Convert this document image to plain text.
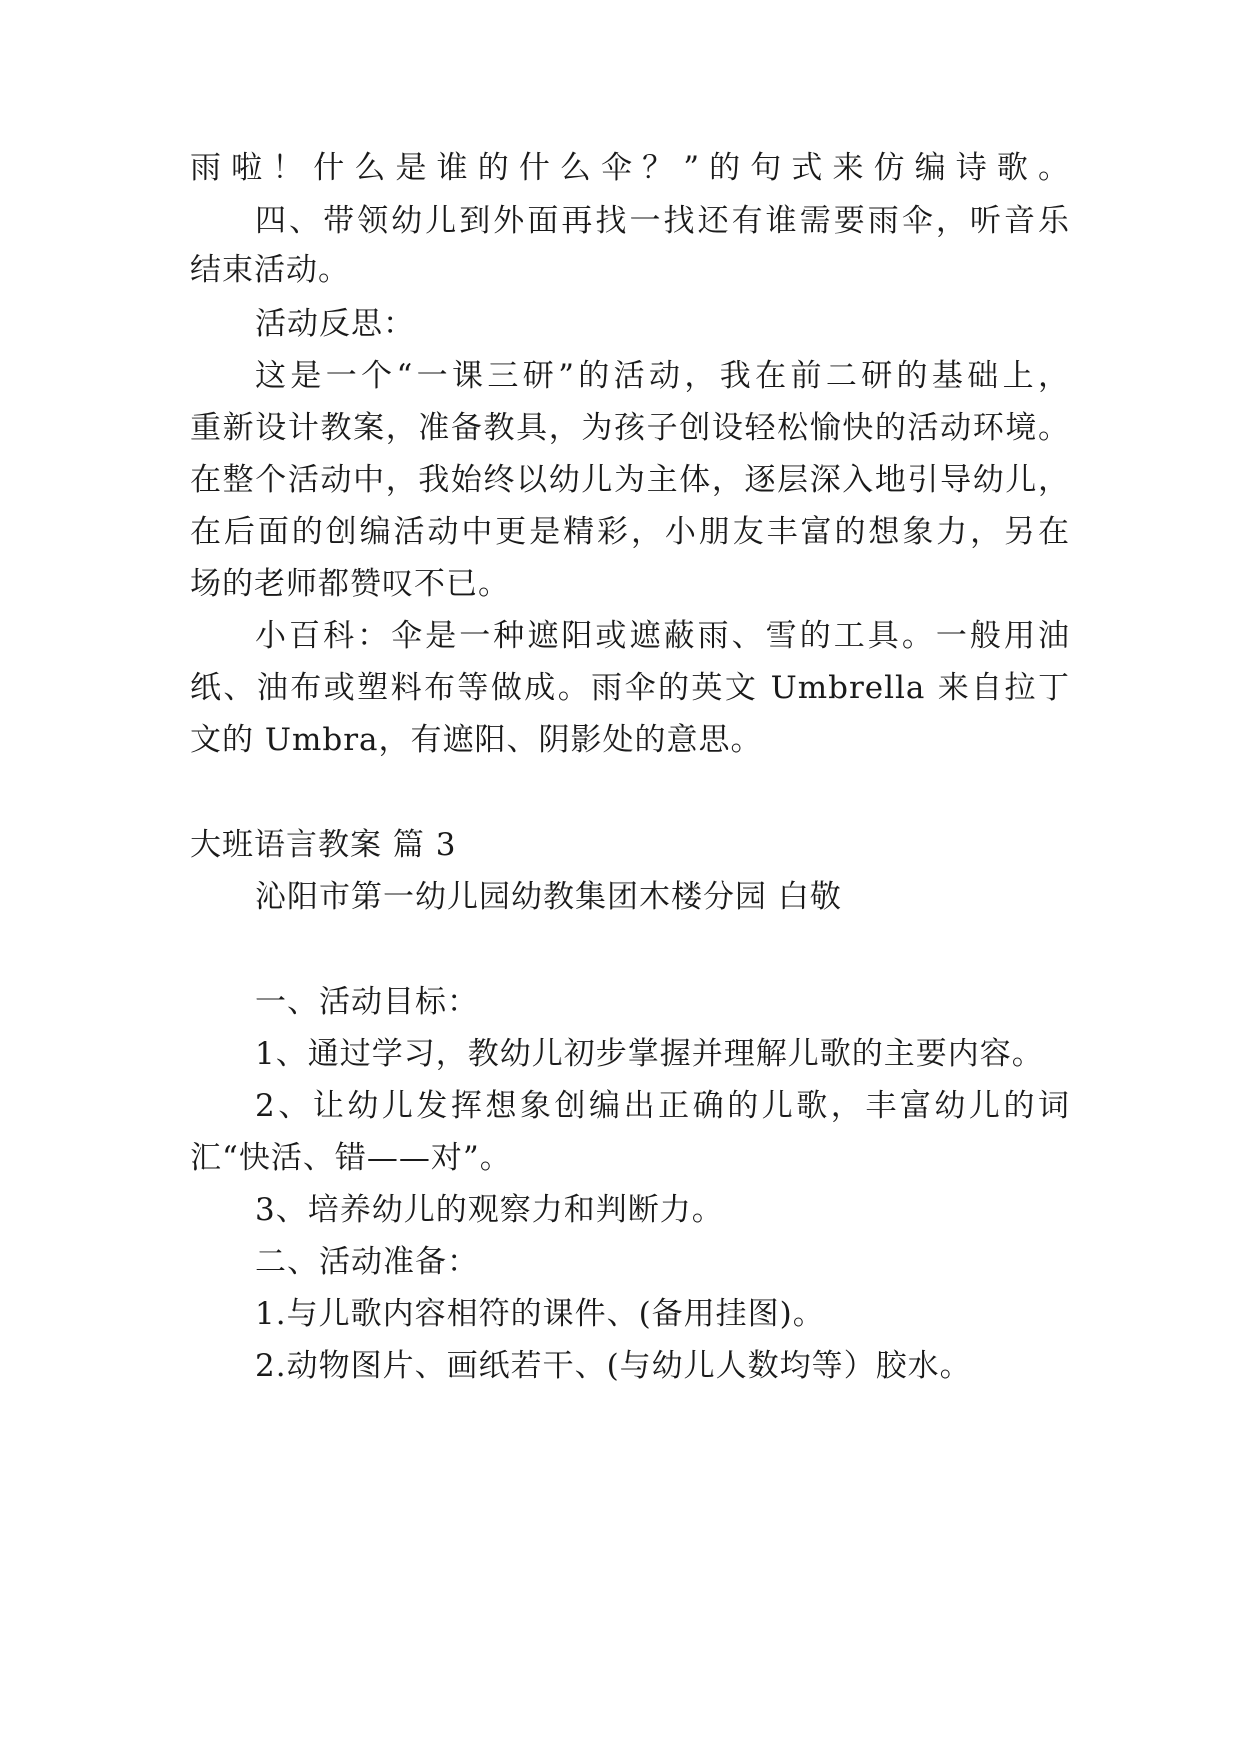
雨啦！什么是谁的什么伞？”的句式来仿编诗歌。
四、带领幼儿到外面再找一找还有谁需要雨伞，听音乐
结束活动。
活动反思：
这是一个“一课三研”的活动，我在前二研的基础上，
重新设计教案，准备教具，为孩子创设轻松愉快的活动环境。
在整个活动中，我始终以幼儿为主体，逐层深入地引导幼儿，
在后面的创编活动中更是精彩，小朋友丰富的想象力，另在
场的老师都赞叹不已。
小百科：伞是一种遮阳或遮蔽雨、雪的工具。一般用油
纸、油布或塑料布等做成。雨伞的英文 Umbrella 来自拉丁
文的 Umbra，有遮阳、阴影处的意思。
大班语言教案 篇 3
沁阳市第一幼儿园幼教集团木楼分园 白敬
一、活动目标：
1、通过学习，教幼儿初步掌握并理解儿歌的主要内容。
2、让幼儿发挥想象创编出正确的儿歌，丰富幼儿的词
汇“快活、错——对”。
3、培养幼儿的观察力和判断力。
二、活动准备：
1.与儿歌内容相符的课件、(备用挂图)。
2.动物图片、画纸若干、(与幼儿人数均等）胶水。
